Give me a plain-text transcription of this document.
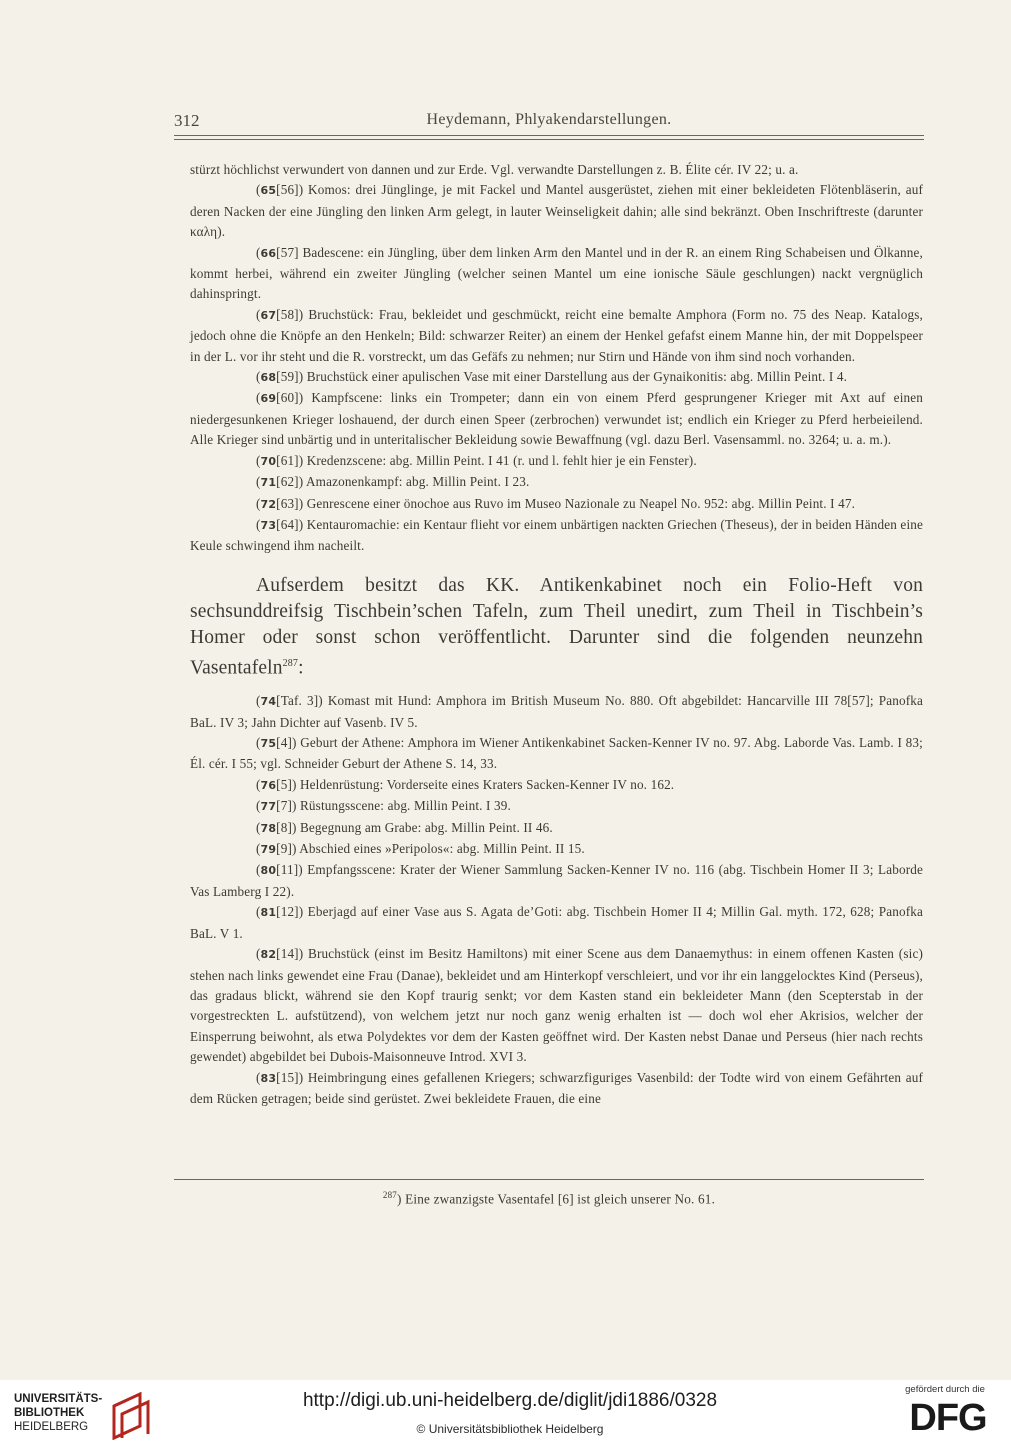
312	Heydemann, Phlyakendarstellungen.

stürzt höchlichst verwundert von dannen und zur Erde. Vgl. verwandte Darstellungen z. B. Élite cér. IV 22; u. a.

(65[56]) Komos: drei Jünglinge, je mit Fackel und Mantel ausgerüstet, ziehen mit einer bekleideten Flötenbläserin, auf deren Nacken der eine Jüngling den linken Arm gelegt, in lauter Weinseligkeit dahin; alle sind bekränzt. Oben Inschriftreste (darunter καλη).

(66[57] Badescene: ein Jüngling, über dem linken Arm den Mantel und in der R. an einem Ring Schabeisen und Ölkanne, kommt herbei, während ein zweiter Jüngling (welcher seinen Mantel um eine ionische Säule geschlungen) nackt vergnüglich dahinspringt.

(67[58]) Bruchstück: Frau, bekleidet und geschmückt, reicht eine bemalte Amphora (Form no. 75 des Neap. Katalogs, jedoch ohne die Knöpfe an den Henkeln; Bild: schwarzer Reiter) an einem der Henkel gefafst einem Manne hin, der mit Doppelspeer in der L. vor ihr steht und die R. vorstreckt, um das Gefäfs zu nehmen; nur Stirn und Hände von ihm sind noch vorhanden.

(68[59]) Bruchstück einer apulischen Vase mit einer Darstellung aus der Gynaikonitis: abg. Millin Peint. I 4.

(69[60]) Kampfscene: links ein Trompeter; dann ein von einem Pferd gesprungener Krieger mit Axt auf einen niedergesunkenen Krieger loshauend, der durch einen Speer (zerbrochen) verwundet ist; endlich ein Krieger zu Pferd herbeieilend. Alle Krieger sind unbärtig und in unteritalischer Bekleidung sowie Bewaffnung (vgl. dazu Berl. Vasensamml. no. 3264; u. a. m.).

(70[61]) Kredenzscene: abg. Millin Peint. I 41 (r. und l. fehlt hier je ein Fenster).

(71[62]) Amazonenkampf: abg. Millin Peint. I 23.

(72[63]) Genrescene einer önochoe aus Ruvo im Museo Nazionale zu Neapel No. 952: abg. Millin Peint. I 47.

(73[64]) Kentauromachie: ein Kentaur flieht vor einem unbärtigen nackten Griechen (Theseus), der in beiden Händen eine Keule schwingend ihm nacheilt.

Aufserdem besitzt das KK. Antikenkabinet noch ein Folio-Heft von sechsunddreifsig Tischbein’schen Tafeln, zum Theil unedirt, zum Theil in Tischbein’s Homer oder sonst schon veröffentlicht. Darunter sind die folgenden neunzehn Vasentafeln$^{287}$:

(74[Taf. 3]) Komast mit Hund: Amphora im British Museum No. 880. Oft abgebildet: Hancarville III 78[57]; Panofka BaL. IV 3; Jahn Dichter auf Vasenb. IV 5.

(75[4]) Geburt der Athene: Amphora im Wiener Antikenkabinet Sacken-Kenner IV no. 97. Abg. Laborde Vas. Lamb. I 83; Él. cér. I 55; vgl. Schneider Geburt der Athene S. 14, 33.

(76[5]) Heldenrüstung: Vorderseite eines Kraters Sacken-Kenner IV no. 162.

(77[7]) Rüstungsscene: abg. Millin Peint. I 39.

(78[8]) Begegnung am Grabe: abg. Millin Peint. II 46.

(79[9]) Abschied eines »Peripolos«: abg. Millin Peint. II 15.

(80[11]) Empfangsscene: Krater der Wiener Sammlung Sacken-Kenner IV no. 116 (abg. Tischbein Homer II 3; Laborde Vas Lamberg I 22).

(81[12]) Eberjagd auf einer Vase aus S. Agata de’Goti: abg. Tischbein Homer II 4; Millin Gal. myth. 172, 628; Panofka BaL. V 1.

(82[14]) Bruchstück (einst im Besitz Hamiltons) mit einer Scene aus dem Danaemythus: in einem offenen Kasten (sic) stehen nach links gewendet eine Frau (Danae), bekleidet und am Hinterkopf verschleiert, und vor ihr ein langgelocktes Kind (Perseus), das gradaus blickt, während sie den Kopf traurig senkt; vor dem Kasten stand ein bekleideter Mann (den Scepterstab in der vorgestreckten L. aufstützend), von welchem jetzt nur noch ganz wenig erhalten ist — doch wol eher Akrisios, welcher der Einsperrung beiwohnt, als etwa Polydektes vor dem der Kasten geöffnet wird. Der Kasten nebst Danae und Perseus (hier nach rechts gewendet) abgebildet bei Dubois-Maisonneuve Introd. XVI 3.

(83[15]) Heimbringung eines gefallenen Kriegers; schwarzfiguriges Vasenbild: der Todte wird von einem Gefährten auf dem Rücken getragen; beide sind gerüstet. Zwei bekleidete Frauen, die eine

$^{287}$) Eine zwanzigste Vasentafel [6] ist gleich unserer No. 61.
UNIVERSITÄTS-
BIBLIOTHEK
HEIDELBERG
http://digi.ub.uni-heidelberg.de/diglit/jdi1886/0328
© Universitätsbibliothek Heidelberg
gefördert durch die
DFG
